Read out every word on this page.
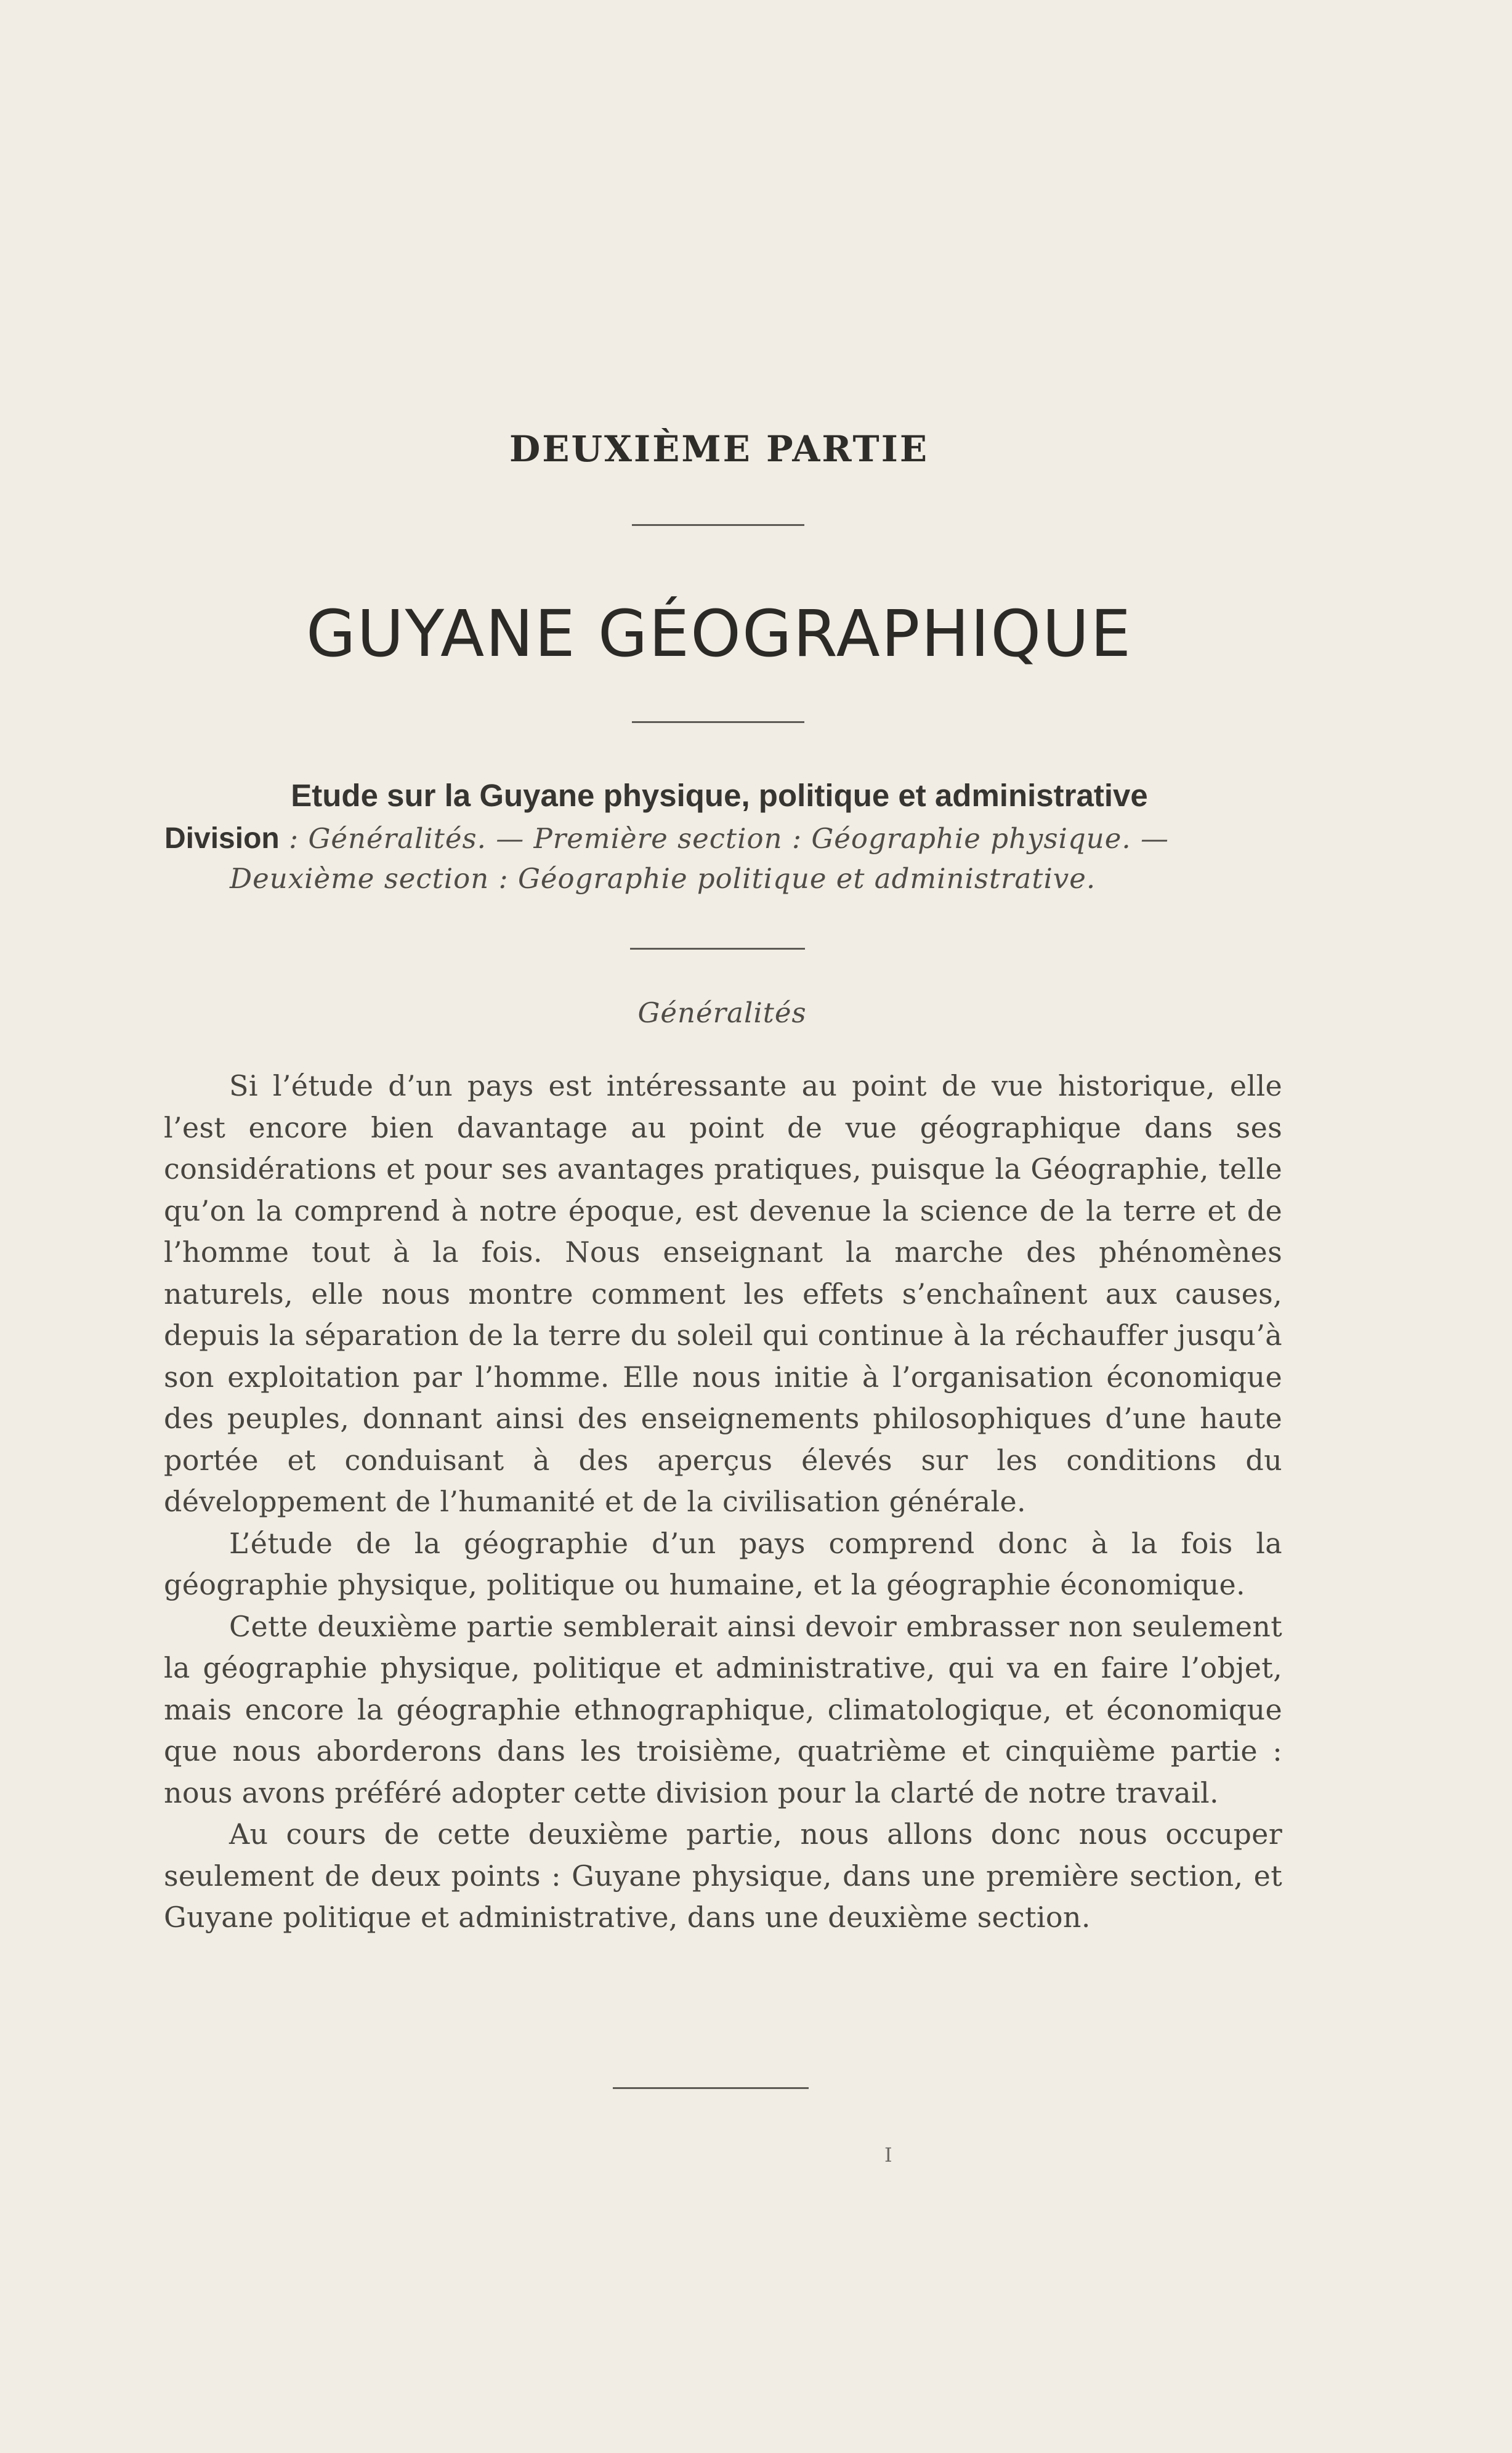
DEUXIÈME PARTIE
GUYANE GÉOGRAPHIQUE
Etude sur la Guyane physique, politique et administrative
Division : Généralités. — Première section : Géographie physique. —
Deuxième section : Géographie politique et administrative.
Généralités

Si l’étude d’un pays est intéressante au point de vue historique, elle l’est encore bien davantage au point de vue géographique dans ses considérations et pour ses avantages pratiques, puisque la Géographie, telle qu’on la comprend à notre époque, est devenue la science de la terre et de l’homme tout à la fois. Nous enseignant la marche des phénomènes naturels, elle nous montre comment les effets s’enchaînent aux causes, depuis la séparation de la terre du soleil qui continue à la réchauffer jusqu’à son exploitation par l’homme. Elle nous initie à l’organisation économique des peuples, donnant ainsi des enseignements philosophiques d’une haute portée et conduisant à des aperçus élevés sur les conditions du développement de l’humanité et de la civilisation générale.

L’étude de la géographie d’un pays comprend donc à la fois la géographie physique, politique ou humaine, et la géographie économique.

Cette deuxième partie semblerait ainsi devoir embrasser non seulement la géographie physique, politique et administrative, qui va en faire l’objet, mais encore la géographie ethnographique, climatologique, et économique que nous aborderons dans les troisième, quatrième et cinquième partie : nous avons préféré adopter cette division pour la clarté de notre travail.

Au cours de cette deuxième partie, nous allons donc nous occuper seulement de deux points : Guyane physique, dans une première section, et Guyane politique et administrative, dans une deuxième section.

I
